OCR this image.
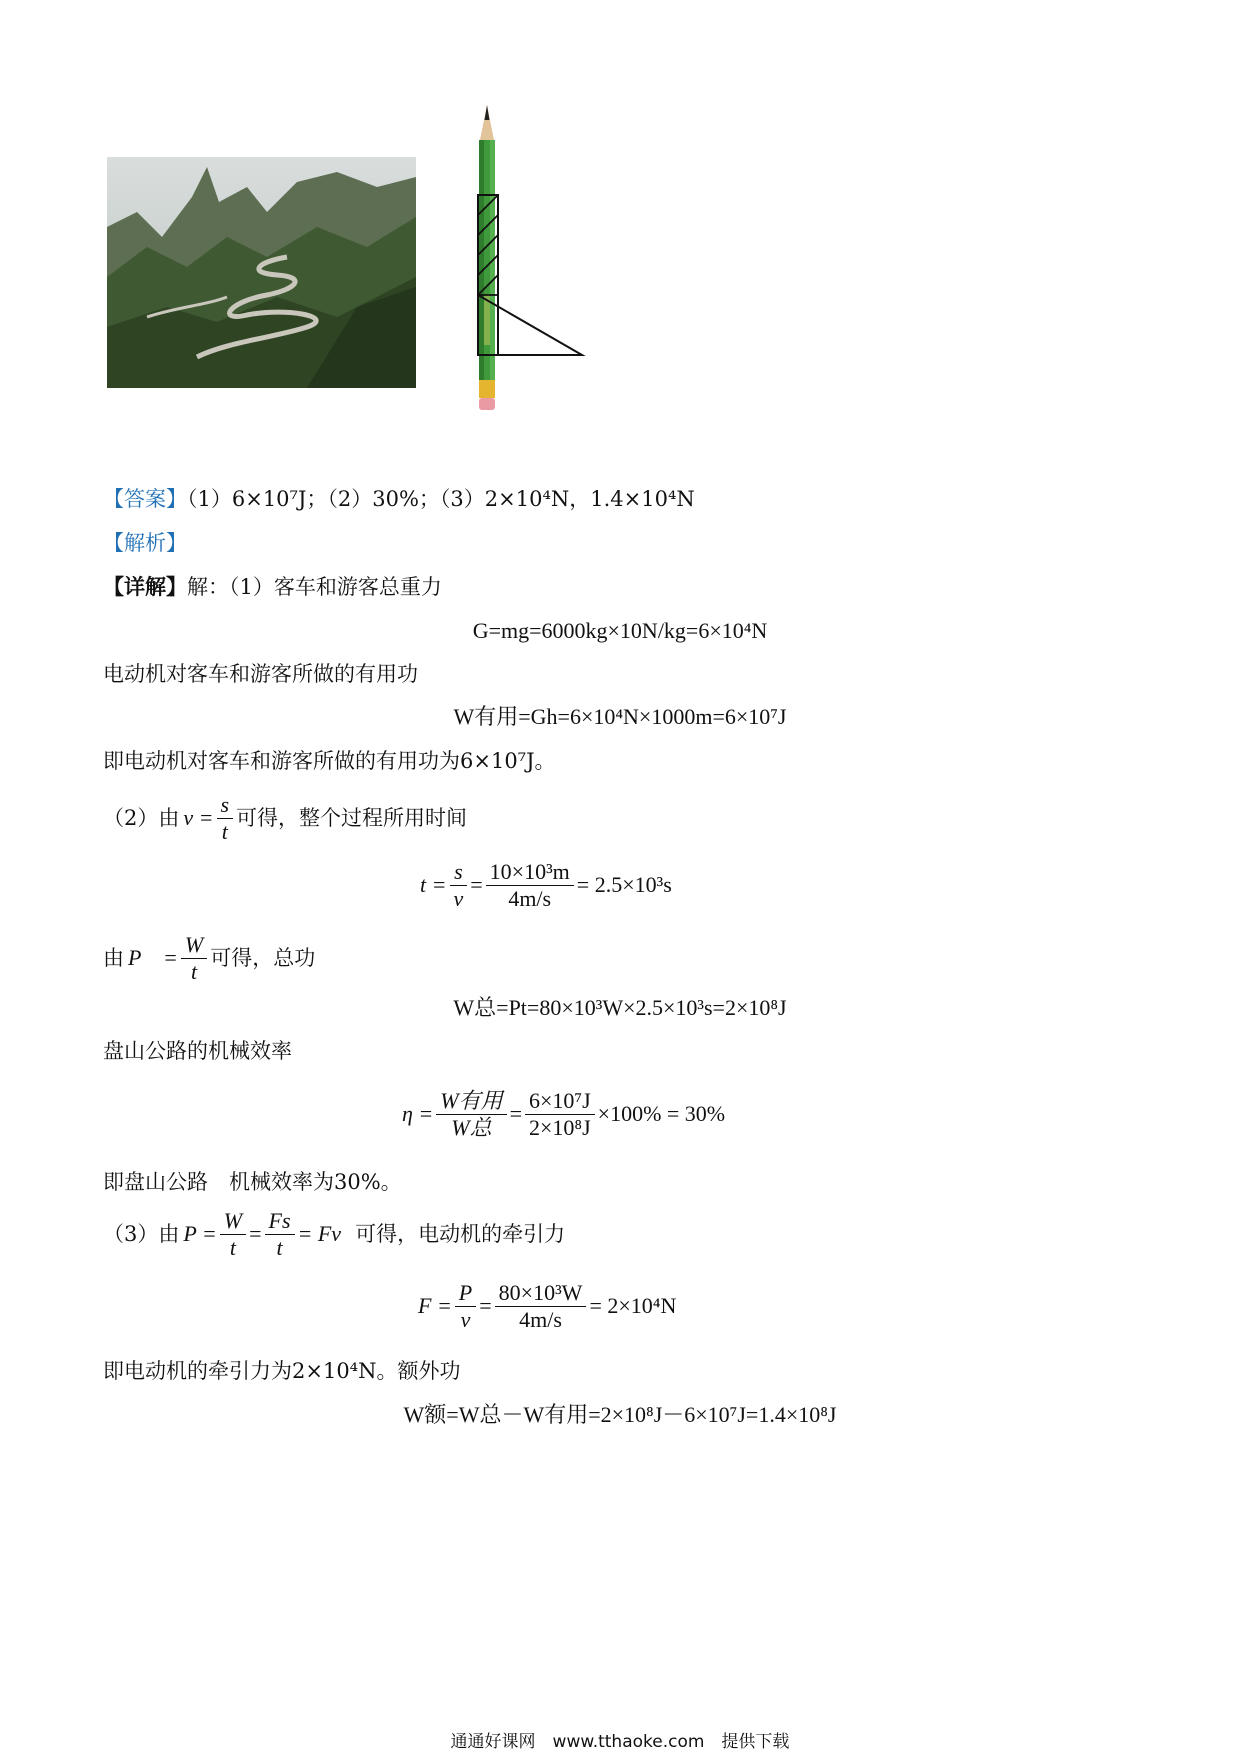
【答案】（1）6×10⁷J；（2）30%；（3）2×10⁴N，1.4×10⁴N
【解析】
【详解】解：（1）客车和游客总重力
G=mg=6000kg×10N/kg=6×10⁴N
电动机对客车和游客所做的有用功
W有用=Gh=6×10⁴N×1000m=6×10⁷J
即电动机对客车和游客所做的有用功为6×10⁷J。
（2）由 $v = \frac{s}{t}$ 可得，整个过程所用时间
$t = \frac{s}{v} = \frac{\text{10×10³m}}{4m/s} = 2.5\times 10^3s$
由 P　= $\frac{W}{t}$ 可得，总功
W总=Pt=80×10³W×2.5×10³s=2×10⁸J
盘山公路的机械效率
$\eta = \frac{\text{W有用}}{\text{W总}} = \frac{\text{6×10⁷J}}{\text{2×10⁸J}} \times 100\% = 30\%$
即盘山公路　机械效率为30%。
（3）由 $P = \frac{W}{t} = \frac{Fs}{t} = Fv$ 可得，电动机的牵引力
$F = \frac{P}{v} = \frac{\text{80×10³W}}{4m/s} = 2\times 10^4N$
即电动机的牵引力为2×10⁴N。额外功
W额=W总－W有用=2×10⁸J－6×10⁷J=1.4×10⁸J
通通好课网　www.tthaoke.com　提供下载
